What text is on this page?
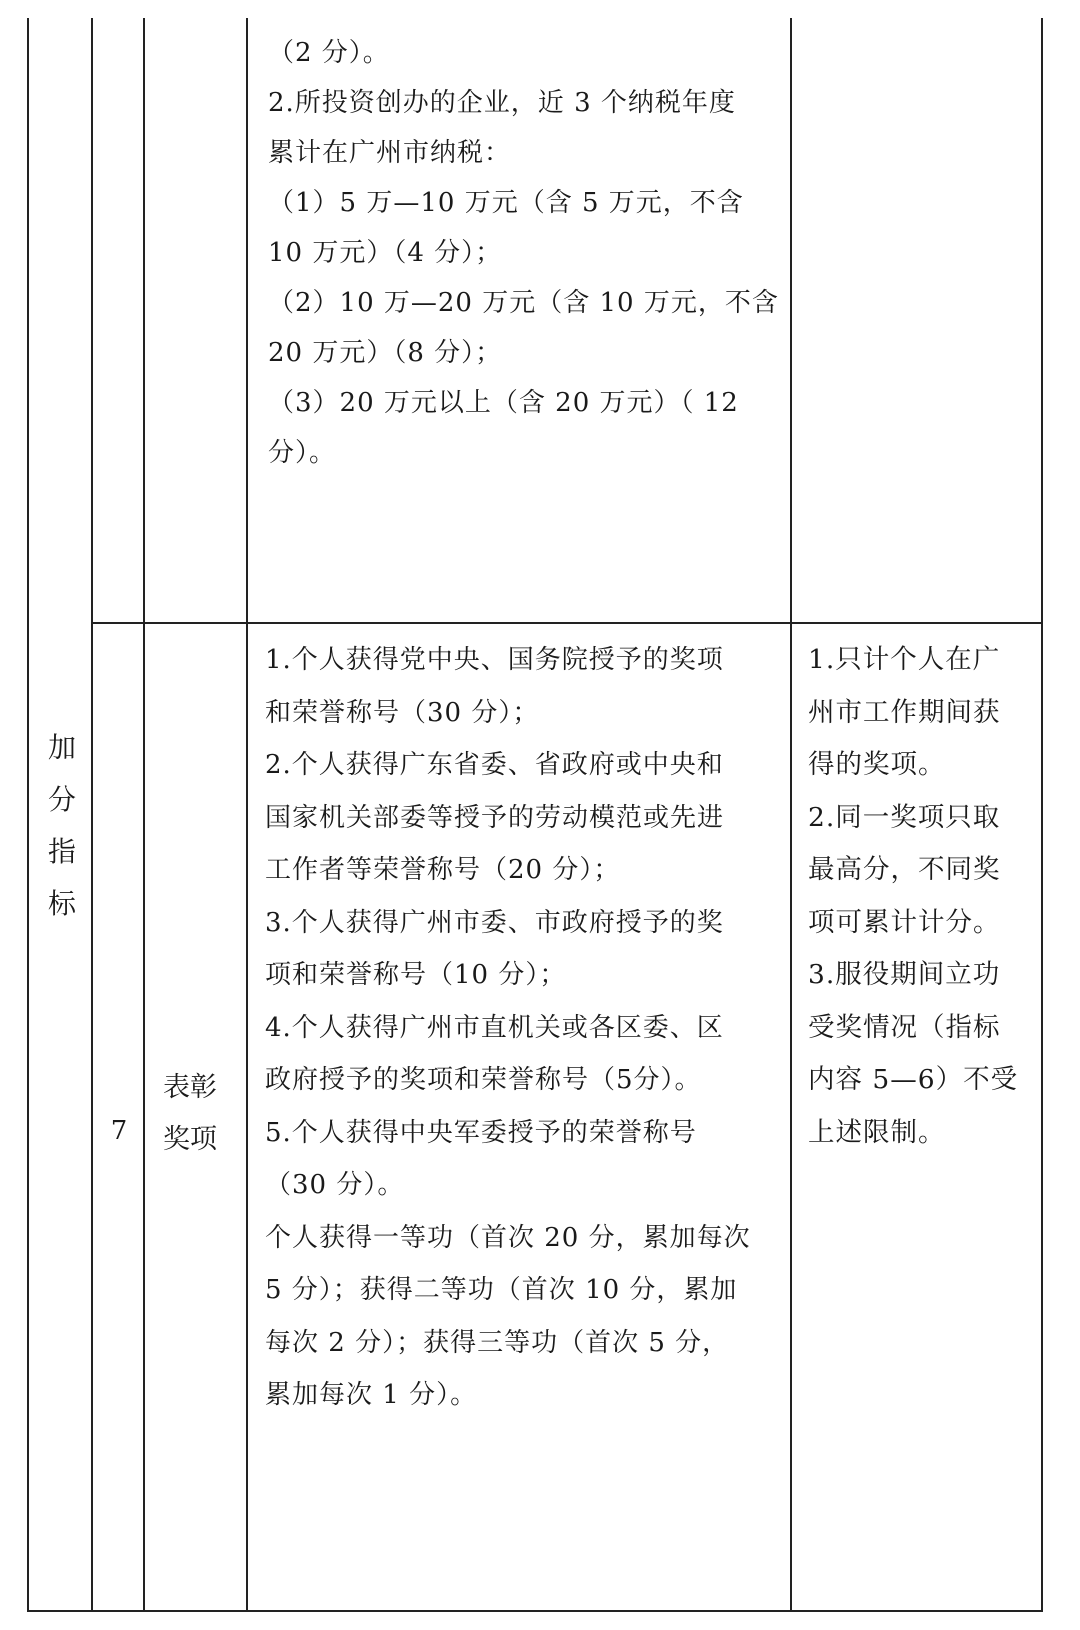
加
分
指
标
（2 分）。
2.所投资创办的企业，近 3 个纳税年度
累计在广州市纳税：
（1）5 万—10 万元（含 5 万元，不含
10 万元）（4 分）；
（2）10 万—20 万元（含 10 万元，不含
20 万元）（8 分）；
（3）20 万元以上（含 20 万元）（ 12
分）。
7
表彰
奖项
1.个人获得党中央、国务院授予的奖项
和荣誉称号（30 分）；
2.个人获得广东省委、省政府或中央和
国家机关部委等授予的劳动模范或先进
工作者等荣誉称号（20 分）；
3.个人获得广州市委、市政府授予的奖
项和荣誉称号（10 分）；
4.个人获得广州市直机关或各区委、区
政府授予的奖项和荣誉称号（5分）。
5.个人获得中央军委授予的荣誉称号
（30 分）。
个人获得一等功（首次 20 分，累加每次
5 分）；获得二等功（首次 10 分，累加
每次 2 分）；获得三等功（首次 5 分，
累加每次 1 分）。
1.只计个人在广
州市工作期间获
得的奖项。
2.同一奖项只取
最高分，不同奖
项可累计计分。
3.服役期间立功
受奖情况（指标
内容 5—6）不受
上述限制。
